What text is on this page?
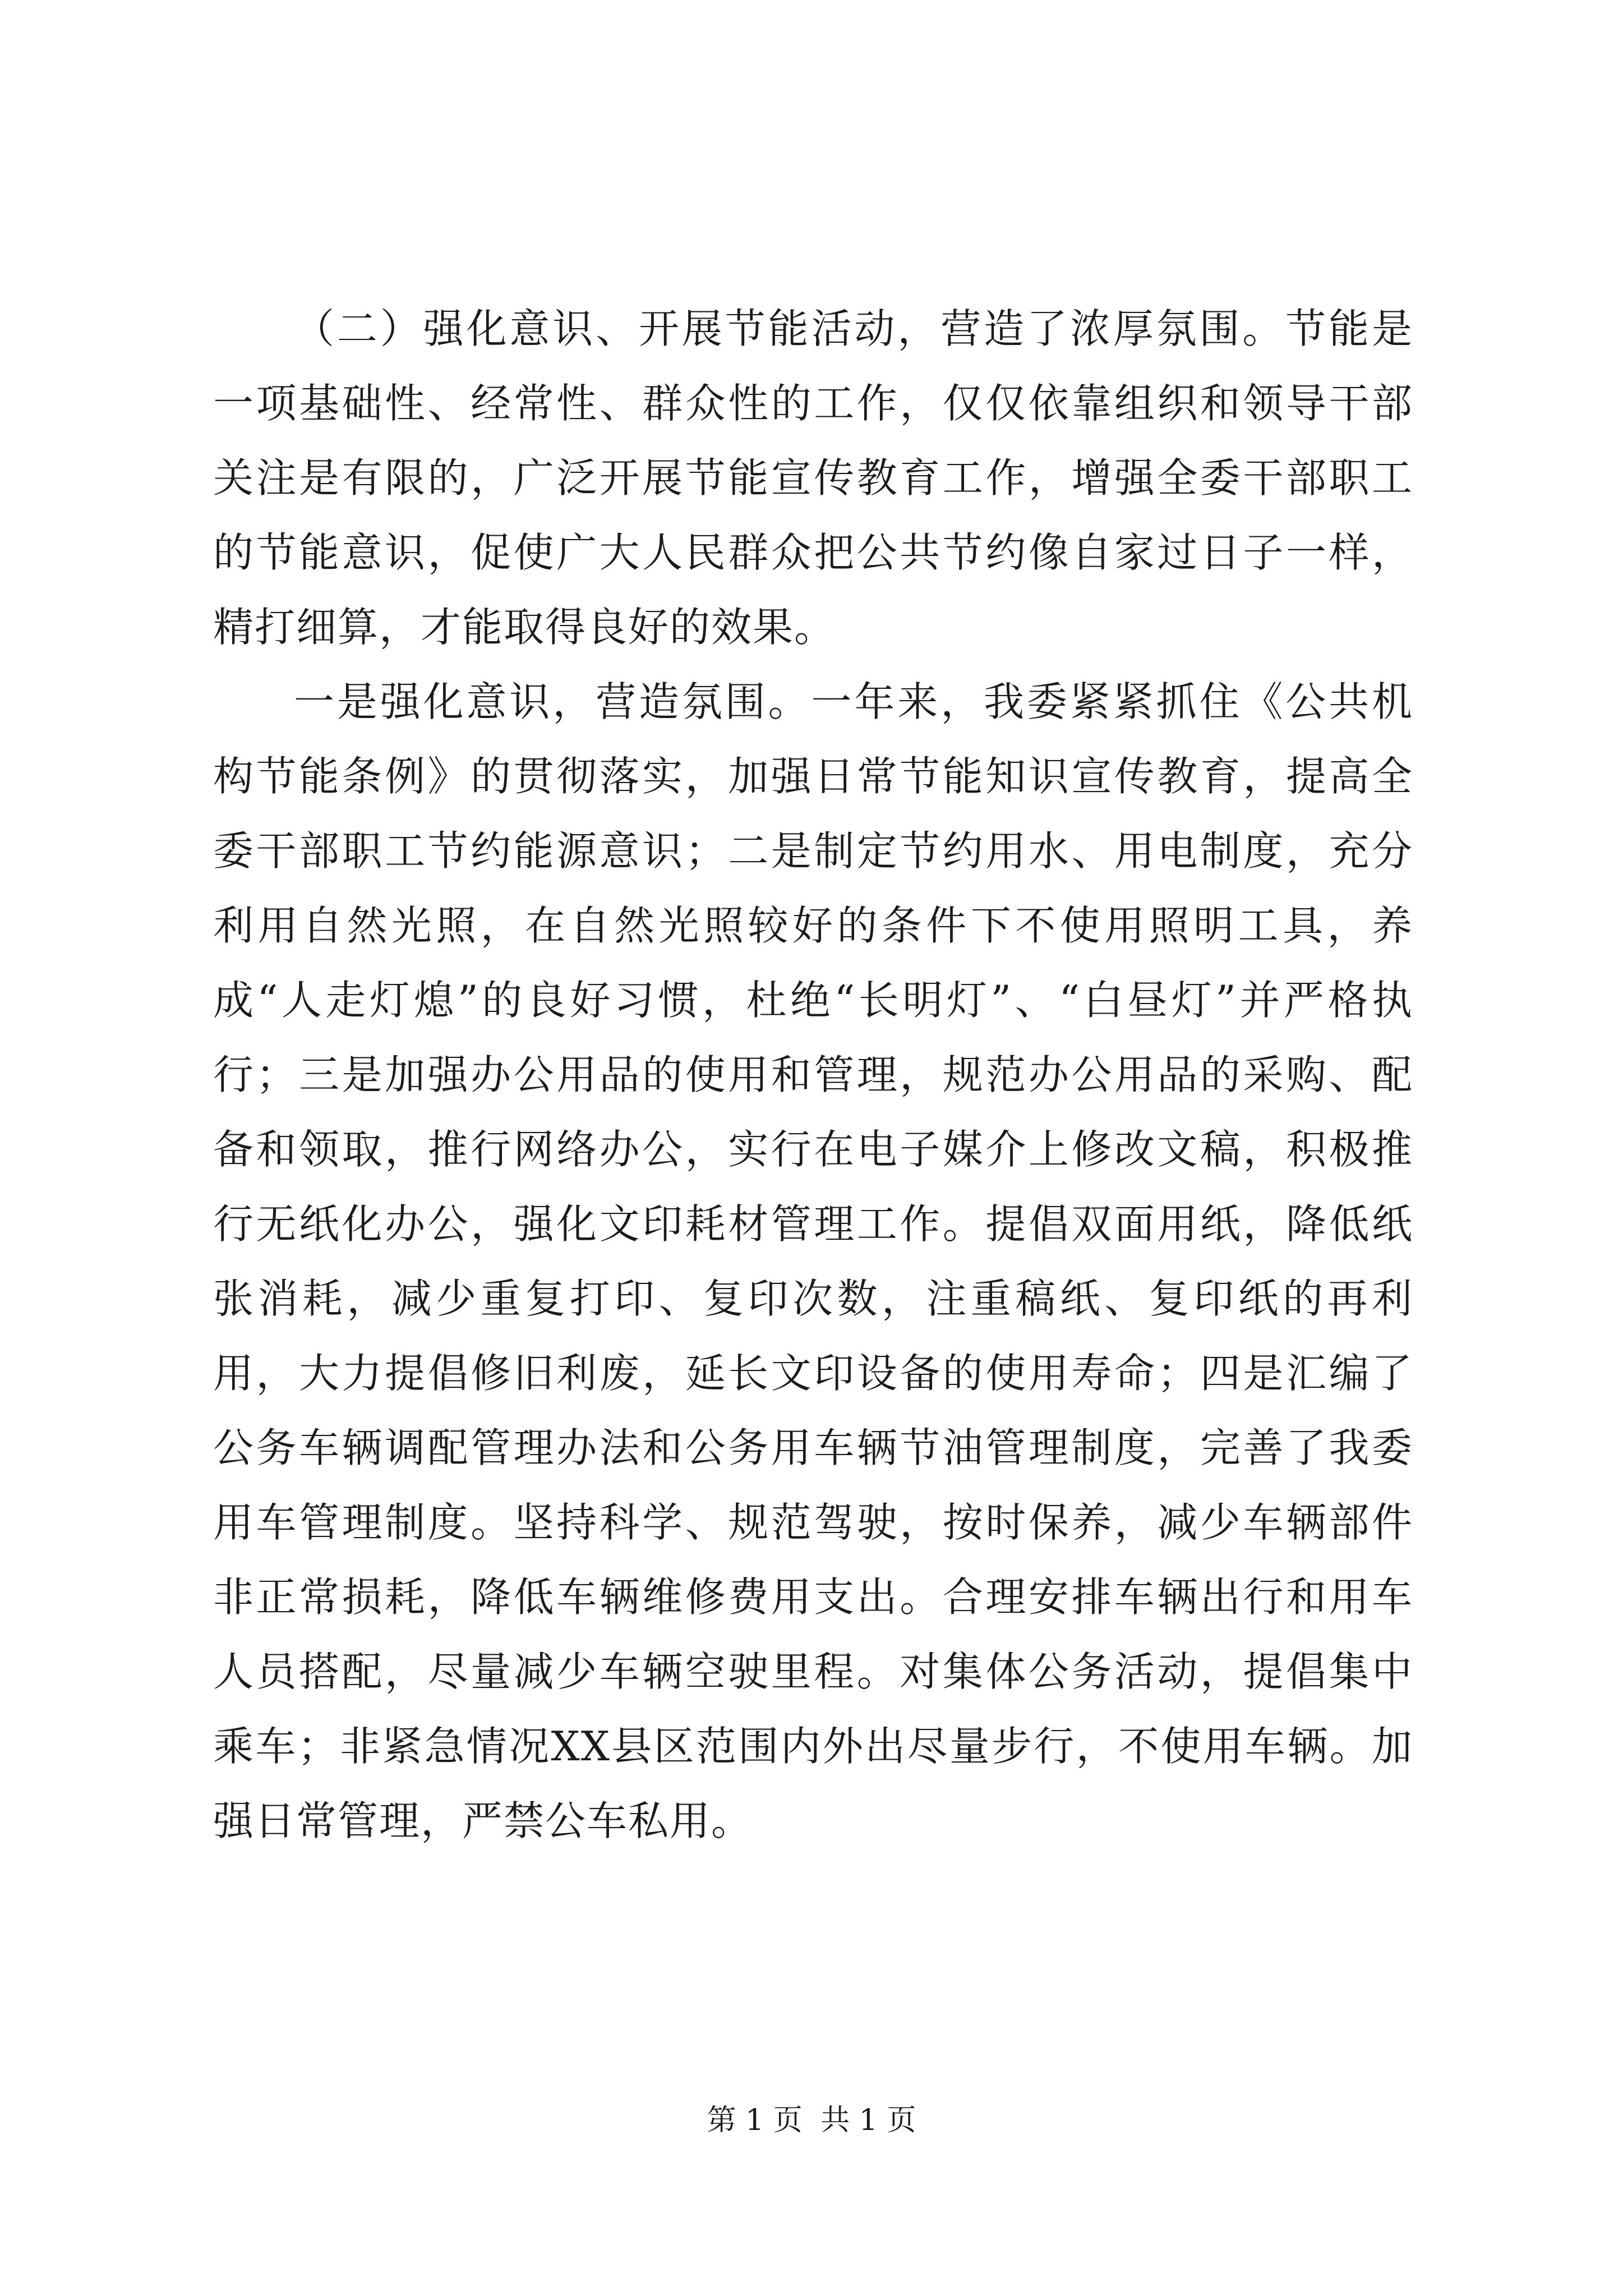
（二）强化意识、开展节能活动，营造了浓厚氛围。节能是一项基础性、经常性、群众性的工作，仅仅依靠组织和领导干部关注是有限的，广泛开展节能宣传教育工作，增强全委干部职工的节能意识，促使广大人民群众把公共节约像自家过日子一样，精打细算，才能取得良好的效果。

一是强化意识，营造氛围。一年来，我委紧紧抓住《公共机构节能条例》的贯彻落实，加强日常节能知识宣传教育，提高全委干部职工节约能源意识；二是制定节约用水、用电制度，充分利用自然光照，在自然光照较好的条件下不使用照明工具，养成“人走灯熄”的良好习惯，杜绝“长明灯”、“白昼灯”并严格执行；三是加强办公用品的使用和管理，规范办公用品的采购、配备和领取，推行网络办公，实行在电子媒介上修改文稿，积极推行无纸化办公，强化文印耗材管理工作。提倡双面用纸，降低纸张消耗，减少重复打印、复印次数，注重稿纸、复印纸的再利用，大力提倡修旧利废，延长文印设备的使用寿命；四是汇编了公务车辆调配管理办法和公务用车辆节油管理制度，完善了我委用车管理制度。坚持科学、规范驾驶，按时保养，减少车辆部件非正常损耗，降低车辆维修费用支出。合理安排车辆出行和用车人员搭配，尽量减少车辆空驶里程。对集体公务活动，提倡集中乘车；非紧急情况XX县区范围内外出尽量步行，不使用车辆。加强日常管理，严禁公车私用。

第 1 页 共 1 页
